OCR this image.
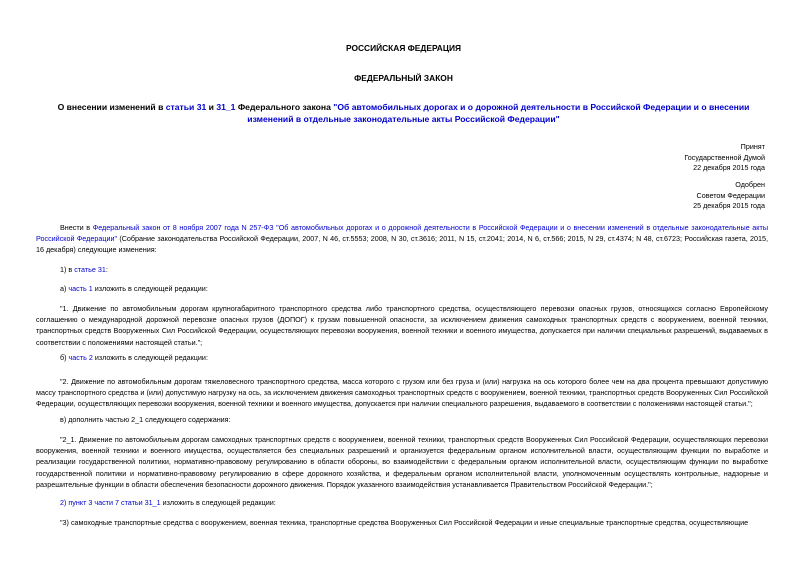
РОССИЙСКАЯ ФЕДЕРАЦИЯ
ФЕДЕРАЛЬНЫЙ ЗАКОН
О внесении изменений в статьи 31 и 31_1 Федерального закона "Об автомобильных дорогах и о дорожной деятельности в Российской Федерации и о внесении изменений в отдельные законодательные акты Российской Федерации"
Принят
Государственной Думой
22 декабря 2015 года
Одобрен
Советом Федерации
25 декабря 2015 года
Внести в Федеральный закон от 8 ноября 2007 года N 257-ФЗ "Об автомобильных дорогах и о дорожной деятельности в Российской Федерации и о внесении изменений в отдельные законодательные акты Российской Федерации" (Собрание законодательства Российской Федерации, 2007, N 46, ст.5553; 2008, N 30, ст.3616; 2011, N 15, ст.2041; 2014, N 6, ст.566; 2015, N 29, ст.4374; N 48, ст.6723; Российская газета, 2015, 16 декабря) следующие изменения:
1) в статье 31:
а) часть 1 изложить в следующей редакции:
"1. Движение по автомобильным дорогам крупногабаритного транспортного средства либо транспортного средства, осуществляющего перевозки опасных грузов, относящихся согласно Европейскому соглашению о международной дорожной перевозке опасных грузов (ДОПОГ) к грузам повышенной опасности, за исключением движения самоходных транспортных средств с вооружением, военной техники, транспортных средств Вооруженных Сил Российской Федерации, осуществляющих перевозки вооружения, военной техники и военного имущества, допускается при наличии специальных разрешений, выдаваемых в соответствии с положениями настоящей статьи.";
б) часть 2 изложить в следующей редакции:
"2. Движение по автомобильным дорогам тяжеловесного транспортного средства, масса которого с грузом или без груза и (или) нагрузка на ось которого более чем на два процента превышают допустимую массу транспортного средства и (или) допустимую нагрузку на ось, за исключением движения самоходных транспортных средств с вооружением, военной техники, транспортных средств Вооруженных Сил Российской Федерации, осуществляющих перевозки вооружения, военной техники и военного имущества, допускается при наличии специального разрешения, выдаваемого в соответствии с положениями настоящей статьи.";
в) дополнить частью 2_1 следующего содержания:
"2_1. Движение по автомобильным дорогам самоходных транспортных средств с вооружением, военной техники, транспортных средств Вооруженных Сил Российской Федерации, осуществляющих перевозки вооружения, военной техники и военного имущества, осуществляется без специальных разрешений и организуется федеральным органом исполнительной власти, осуществляющим функции по выработке и реализации государственной политики, нормативно-правовому регулированию в области обороны, во взаимодействии с федеральным органом исполнительной власти, осуществляющим функции по выработке государственной политики и нормативно-правовому регулированию в сфере дорожного хозяйства, и федеральным органом исполнительной власти, уполномоченным осуществлять контрольные, надзорные и разрешительные функции в области обеспечения безопасности дорожного движения. Порядок указанного взаимодействия устанавливается Правительством Российской Федерации.";
2) пункт 3 части 7 статьи 31_1 изложить в следующей редакции:
"3) самоходные транспортные средства с вооружением, военная техника, транспортные средства Вооруженных Сил Российской Федерации и иные специальные транспортные средства, осуществляющие
